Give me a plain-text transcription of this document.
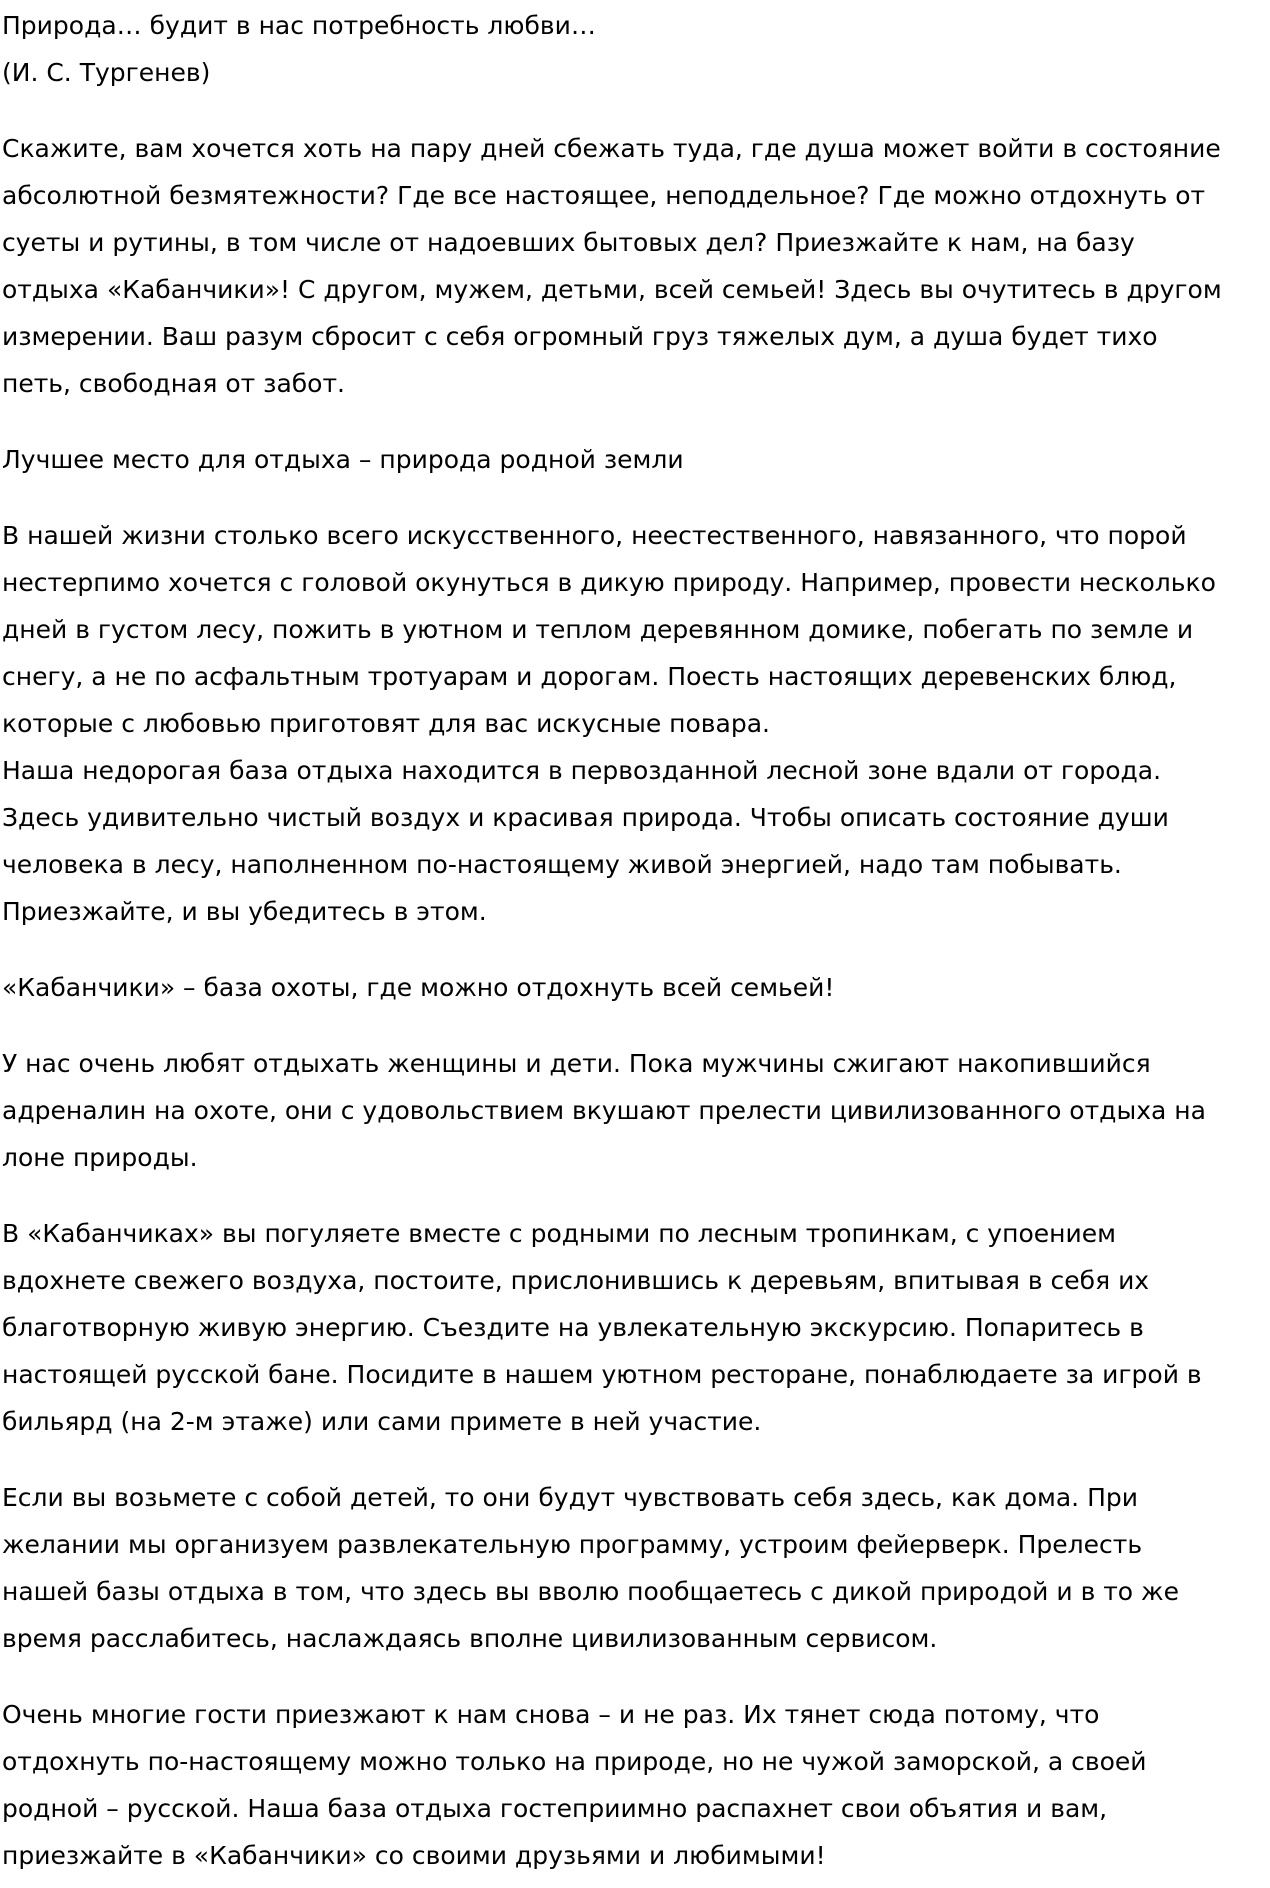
Природа… будит в нас потребность любви…
(И. С. Тургенев)

Скажите, вам хочется хоть на пару дней сбежать туда, где душа может войти в состояние
абсолютной безмятежности? Где все настоящее, неподдельное? Где можно отдохнуть от
суеты и рутины, в том числе от надоевших бытовых дел? Приезжайте к нам, на базу
отдыха «Кабанчики»! С другом, мужем, детьми, всей семьей! Здесь вы очутитесь в другом
измерении. Ваш разум сбросит с себя огромный груз тяжелых дум, а душа будет тихо
петь, свободная от забот.

Лучшее место для отдыха – природа родной земли

В нашей жизни столько всего искусственного, неестественного, навязанного, что порой
нестерпимо хочется с головой окунуться в дикую природу. Например, провести несколько
дней в густом лесу, пожить в уютном и теплом деревянном домике, побегать по земле и
снегу, а не по асфальтным тротуарам и дорогам. Поесть настоящих деревенских блюд,
которые с любовью приготовят для вас искусные повара.
Наша недорогая база отдыха находится в первозданной лесной зоне вдали от города.
Здесь удивительно чистый воздух и красивая природа. Чтобы описать состояние души
человека в лесу, наполненном по-настоящему живой энергией, надо там побывать.
Приезжайте, и вы убедитесь в этом.

«Кабанчики» – база охоты, где можно отдохнуть всей семьей!

У нас очень любят отдыхать женщины и дети. Пока мужчины сжигают накопившийся
адреналин на охоте, они с удовольствием вкушают прелести цивилизованного отдыха на
лоне природы.

В «Кабанчиках» вы погуляете вместе с родными по лесным тропинкам, с упоением
вдохнете свежего воздуха, постоите, прислонившись к деревьям, впитывая в себя их
благотворную живую энергию. Съездите на увлекательную экскурсию. Попаритесь в
настоящей русской бане. Посидите в нашем уютном ресторане, понаблюдаете за игрой в
бильярд (на 2-м этаже) или сами примете в ней участие.

Если вы возьмете с собой детей, то они будут чувствовать себя здесь, как дома. При
желании мы организуем развлекательную программу, устроим фейерверк. Прелесть
нашей базы отдыха в том, что здесь вы вволю пообщаетесь с дикой природой и в то же
время расслабитесь, наслаждаясь вполне цивилизованным сервисом.

Очень многие гости приезжают к нам снова – и не раз. Их тянет сюда потому, что
отдохнуть по-настоящему можно только на природе, но не чужой заморской, а своей
родной – русской. Наша база отдыха гостеприимно распахнет свои объятия и вам,
приезжайте в «Кабанчики» со своими друзьями и любимыми!
